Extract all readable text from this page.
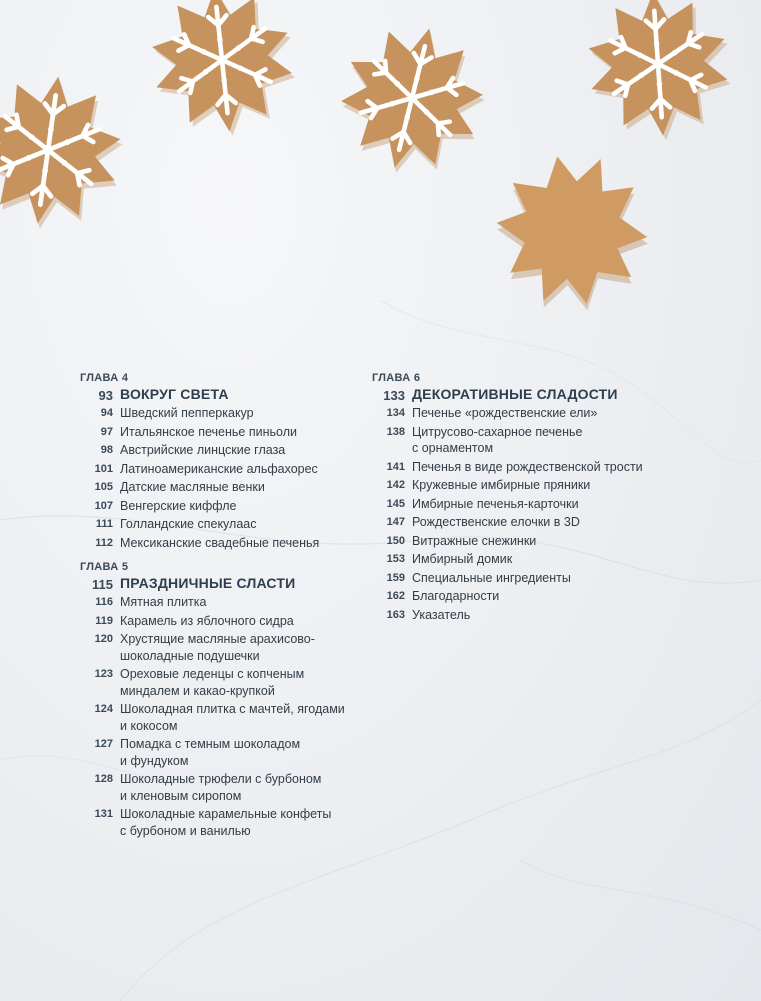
ГЛАВА 4
93 ВОКРУГ СВЕТА
94 Шведский пепперкакур
97 Итальянское печенье пиньоли
98 Австрийские линцские глаза
101 Латиноамериканские альфахорес
105 Датские масляные венки
107 Венгерские киффле
111 Голландские спекулаас
112 Мексиканские свадебные печенья
ГЛАВА 5
115 ПРАЗДНИЧНЫЕ СЛАСТИ
116 Мятная плитка
119 Карамель из яблочного сидра
120 Хрустящие масляные арахисово-
шоколадные подушечки
123 Ореховые леденцы с копченым
миндалем и какао-крупкой
124 Шоколадная плитка с мачтей, ягодами
и кокосом
127 Помадка с темным шоколадом
и фундуком
128 Шоколадные трюфели с бурбоном
и кленовым сиропом
131 Шоколадные карамельные конфеты
с бурбоном и ванилью
ГЛАВА 6
133 ДЕКОРАТИВНЫЕ СЛАДОСТИ
134 Печенье «рождественские ели»
138 Цитрусово-сахарное печенье
с орнаментом
141 Печенья в виде рождественской трости
142 Кружевные имбирные пряники
145 Имбирные печенья-карточки
147 Рождественские елочки в 3D
150 Витражные снежинки
153 Имбирный домик
159 Специальные ингредиенты
162 Благодарности
163 Указатель
